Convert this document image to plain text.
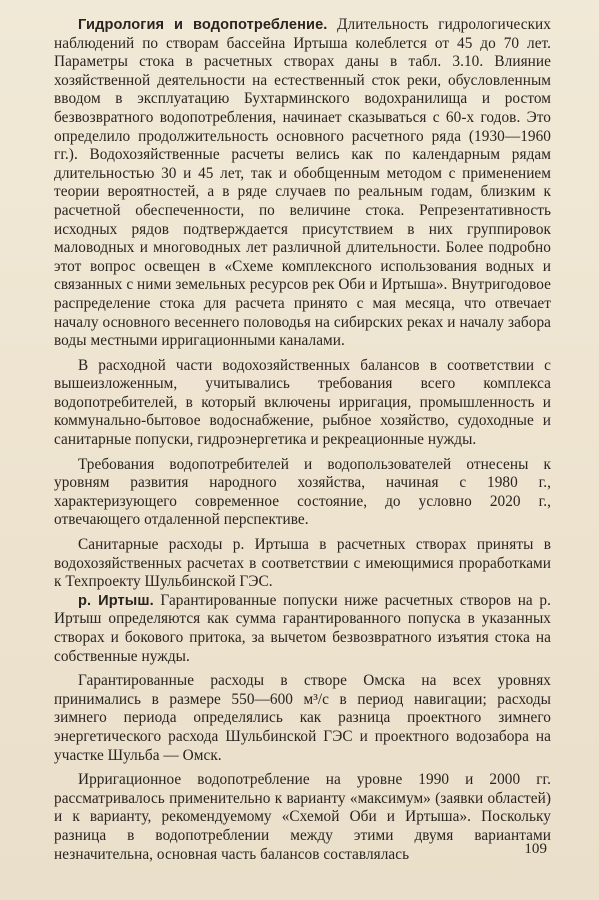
Гидрология и водопотребление. Длительность гидрологических наблюдений по створам бассейна Иртыша колеблется от 45 до 70 лет. Параметры стока в расчетных створах даны в табл. 3.10. Влияние хозяйственной деятельности на естественный сток реки, обусловленным вводом в эксплуатацию Бухтарминского водохранилища и ростом безвозвратного водопотребления, начинает сказываться с 60-х годов. Это определило продолжительность основного расчетного ряда (1930—1960 гг.). Водохозяйственные расчеты велись как по календарным рядам длительностью 30 и 45 лет, так и обобщенным методом с применением теории вероятностей, а в ряде случаев по реальным годам, близким к расчетной обеспеченности, по величине стока. Репрезентативность исходных рядов подтверждается присутствием в них группировок маловодных и многоводных лет различной длительности. Более подробно этот вопрос освещен в «Схеме комплексного использования водных и связанных с ними земельных ресурсов рек Оби и Иртыша». Внутригодовое распределение стока для расчета принято с мая месяца, что отвечает началу основного весеннего половодья на сибирских реках и началу забора воды местными ирригационными каналами.

В расходной части водохозяйственных балансов в соответствии с вышеизложенным, учитывались требования всего комплекса водопотребителей, в который включены ирригация, промышленность и коммунально-бытовое водоснабжение, рыбное хозяйство, судоходные и санитарные попуски, гидроэнергетика и рекреационные нужды.

Требования водопотребителей и водопользователей отнесены к уровням развития народного хозяйства, начиная с 1980 г., характеризующего современное состояние, до условно 2020 г., отвечающего отдаленной перспективе.

Санитарные расходы р. Иртыша в расчетных створах приняты в водохозяйственных расчетах в соответствии с имеющимися проработками к Техпроекту Шульбинской ГЭС.

р. Иртыш. Гарантированные попуски ниже расчетных створов на р. Иртыш определяются как сумма гарантированного попуска в указанных створах и бокового притока, за вычетом безвозвратного изъятия стока на собственные нужды.

Гарантированные расходы в створе Омска на всех уровнях принимались в размере 550—600 м³/с в период навигации; расходы зимнего периода определялись как разница проектного зимнего энергетического расхода Шульбинской ГЭС и проектного водозабора на участке Шульба — Омск.

Ирригационное водопотребление на уровне 1990 и 2000 гг. рассматривалось применительно к варианту «максимум» (заявки областей) и к варианту, рекомендуемому «Схемой Оби и Иртыша». Поскольку разница в водопотреблении между этими двумя вариантами незначительна, основная часть балансов составлялась	109
